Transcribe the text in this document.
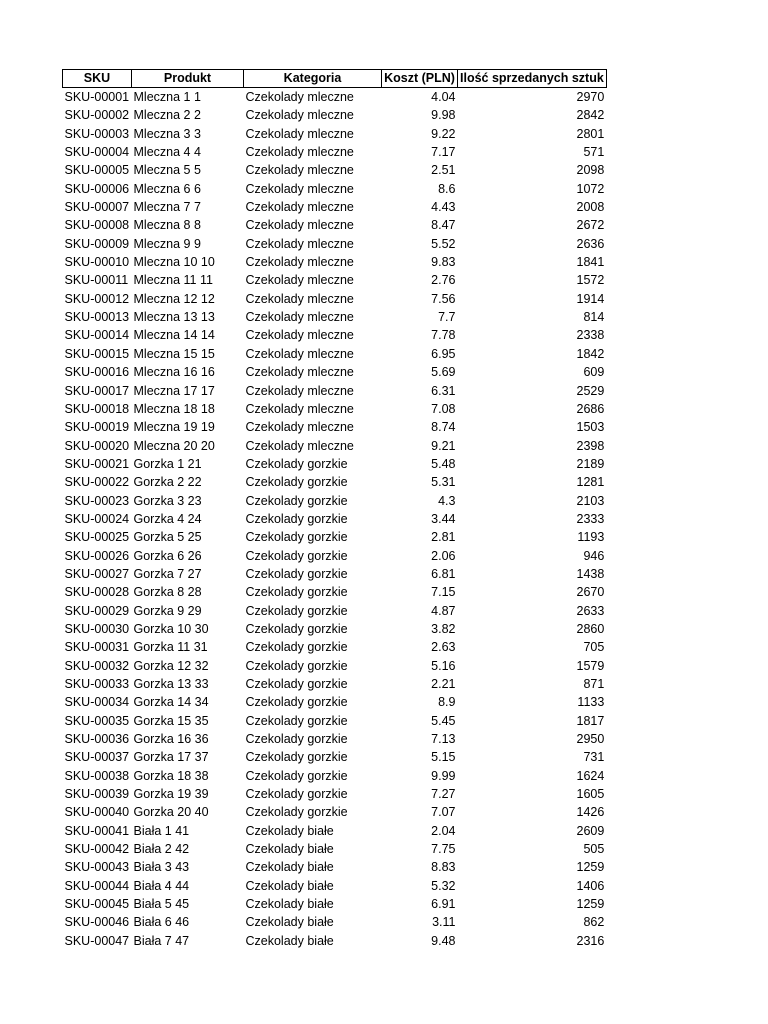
SKU	Produkt	Kategoria	Koszt (PLN)	Ilość sprzedanych sztuk
SKU-00001	Mleczna 1 1	Czekolady mleczne	4.04	2970
SKU-00002	Mleczna 2 2	Czekolady mleczne	9.98	2842
SKU-00003	Mleczna 3 3	Czekolady mleczne	9.22	2801
SKU-00004	Mleczna 4 4	Czekolady mleczne	7.17	571
SKU-00005	Mleczna 5 5	Czekolady mleczne	2.51	2098
SKU-00006	Mleczna 6 6	Czekolady mleczne	8.6	1072
SKU-00007	Mleczna 7 7	Czekolady mleczne	4.43	2008
SKU-00008	Mleczna 8 8	Czekolady mleczne	8.47	2672
SKU-00009	Mleczna 9 9	Czekolady mleczne	5.52	2636
SKU-00010	Mleczna 10 10	Czekolady mleczne	9.83	1841
SKU-00011	Mleczna 11 11	Czekolady mleczne	2.76	1572
SKU-00012	Mleczna 12 12	Czekolady mleczne	7.56	1914
SKU-00013	Mleczna 13 13	Czekolady mleczne	7.7	814
SKU-00014	Mleczna 14 14	Czekolady mleczne	7.78	2338
SKU-00015	Mleczna 15 15	Czekolady mleczne	6.95	1842
SKU-00016	Mleczna 16 16	Czekolady mleczne	5.69	609
SKU-00017	Mleczna 17 17	Czekolady mleczne	6.31	2529
SKU-00018	Mleczna 18 18	Czekolady mleczne	7.08	2686
SKU-00019	Mleczna 19 19	Czekolady mleczne	8.74	1503
SKU-00020	Mleczna 20 20	Czekolady mleczne	9.21	2398
SKU-00021	Gorzka 1 21	Czekolady gorzkie	5.48	2189
SKU-00022	Gorzka 2 22	Czekolady gorzkie	5.31	1281
SKU-00023	Gorzka 3 23	Czekolady gorzkie	4.3	2103
SKU-00024	Gorzka 4 24	Czekolady gorzkie	3.44	2333
SKU-00025	Gorzka 5 25	Czekolady gorzkie	2.81	1193
SKU-00026	Gorzka 6 26	Czekolady gorzkie	2.06	946
SKU-00027	Gorzka 7 27	Czekolady gorzkie	6.81	1438
SKU-00028	Gorzka 8 28	Czekolady gorzkie	7.15	2670
SKU-00029	Gorzka 9 29	Czekolady gorzkie	4.87	2633
SKU-00030	Gorzka 10 30	Czekolady gorzkie	3.82	2860
SKU-00031	Gorzka 11 31	Czekolady gorzkie	2.63	705
SKU-00032	Gorzka 12 32	Czekolady gorzkie	5.16	1579
SKU-00033	Gorzka 13 33	Czekolady gorzkie	2.21	871
SKU-00034	Gorzka 14 34	Czekolady gorzkie	8.9	1133
SKU-00035	Gorzka 15 35	Czekolady gorzkie	5.45	1817
SKU-00036	Gorzka 16 36	Czekolady gorzkie	7.13	2950
SKU-00037	Gorzka 17 37	Czekolady gorzkie	5.15	731
SKU-00038	Gorzka 18 38	Czekolady gorzkie	9.99	1624
SKU-00039	Gorzka 19 39	Czekolady gorzkie	7.27	1605
SKU-00040	Gorzka 20 40	Czekolady gorzkie	7.07	1426
SKU-00041	Biała 1 41	Czekolady białe	2.04	2609
SKU-00042	Biała 2 42	Czekolady białe	7.75	505
SKU-00043	Biała 3 43	Czekolady białe	8.83	1259
SKU-00044	Biała 4 44	Czekolady białe	5.32	1406
SKU-00045	Biała 5 45	Czekolady białe	6.91	1259
SKU-00046	Biała 6 46	Czekolady białe	3.11	862
SKU-00047	Biała 7 47	Czekolady białe	9.48	2316
